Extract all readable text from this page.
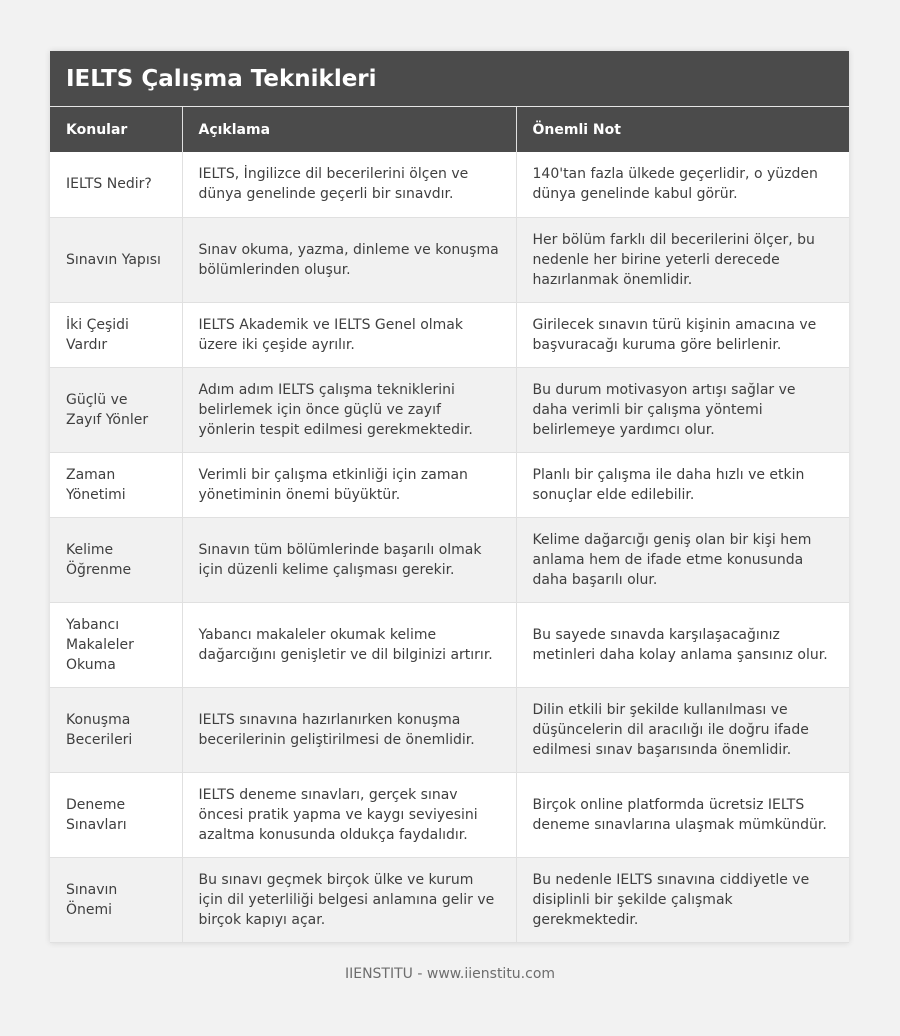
IELTS Çalışma Teknikleri
Konular	Açıklama	Önemli Not
IELTS Nedir?	IELTS, İngilizce dil becerilerini ölçen ve dünya genelinde geçerli bir sınavdır.	140'tan fazla ülkede geçerlidir, o yüzden dünya genelinde kabul görür.
Sınavın Yapısı	Sınav okuma, yazma, dinleme ve konuşma bölümlerinden oluşur.	Her bölüm farklı dil becerilerini ölçer, bu nedenle her birine yeterli derecede hazırlanmak önemlidir.
İki Çeşidi Vardır	IELTS Akademik ve IELTS Genel olmak üzere iki çeşide ayrılır.	Girilecek sınavın türü kişinin amacına ve başvuracağı kuruma göre belirlenir.
Güçlü ve Zayıf Yönler	Adım adım IELTS çalışma tekniklerini belirlemek için önce güçlü ve zayıf yönlerin tespit edilmesi gerekmektedir.	Bu durum motivasyon artışı sağlar ve daha verimli bir çalışma yöntemi belirlemeye yardımcı olur.
Zaman Yönetimi	Verimli bir çalışma etkinliği için zaman yönetiminin önemi büyüktür.	Planlı bir çalışma ile daha hızlı ve etkin sonuçlar elde edilebilir.
Kelime Öğrenme	Sınavın tüm bölümlerinde başarılı olmak için düzenli kelime çalışması gerekir.	Kelime dağarcığı geniş olan bir kişi hem anlama hem de ifade etme konusunda daha başarılı olur.
Yabancı Makaleler Okuma	Yabancı makaleler okumak kelime dağarcığını genişletir ve dil bilginizi artırır.	Bu sayede sınavda karşılaşacağınız metinleri daha kolay anlama şansınız olur.
Konuşma Becerileri	IELTS sınavına hazırlanırken konuşma becerilerinin geliştirilmesi de önemlidir.	Dilin etkili bir şekilde kullanılması ve düşüncelerin dil aracılığı ile doğru ifade edilmesi sınav başarısında önemlidir.
Deneme Sınavları	IELTS deneme sınavları, gerçek sınav öncesi pratik yapma ve kaygı seviyesini azaltma konusunda oldukça faydalıdır.	Birçok online platformda ücretsiz IELTS deneme sınavlarına ulaşmak mümkündür.
Sınavın Önemi	Bu sınavı geçmek birçok ülke ve kurum için dil yeterliliği belgesi anlamına gelir ve birçok kapıyı açar.	Bu nedenle IELTS sınavına ciddiyetle ve disiplinli bir şekilde çalışmak gerekmektedir.
IIENSTITU - www.iienstitu.com
